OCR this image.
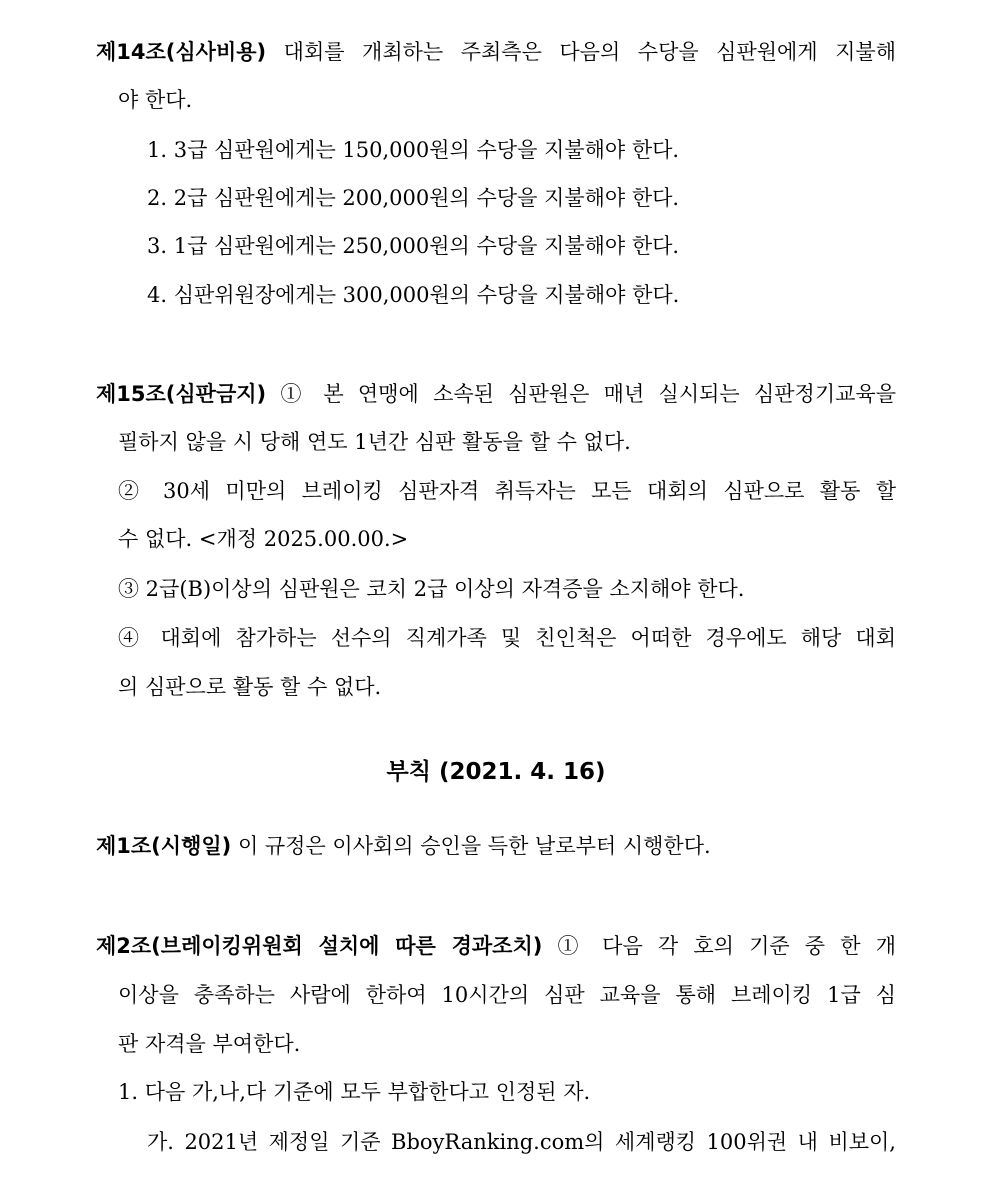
제14조(심사비용) 대회를 개최하는 주최측은 다음의 수당을 심판원에게 지불해
야 한다.
1. 3급 심판원에게는 150,000원의 수당을 지불해야 한다.
2. 2급 심판원에게는 200,000원의 수당을 지불해야 한다.
3. 1급 심판원에게는 250,000원의 수당을 지불해야 한다.
4. 심판위원장에게는 300,000원의 수당을 지불해야 한다.
제15조(심판금지) ① 본 연맹에 소속된 심판원은 매년 실시되는 심판정기교육을
필하지 않을 시 당해 연도 1년간 심판 활동을 할 수 없다.
② 30세 미만의 브레이킹 심판자격 취득자는 모든 대회의 심판으로 활동 할
수 없다. <개정 2025.00.00.>
③ 2급(B)이상의 심판원은 코치 2급 이상의 자격증을 소지해야 한다.
④ 대회에 참가하는 선수의 직계가족 및 친인척은 어떠한 경우에도 해당 대회
의 심판으로 활동 할 수 없다.
부칙 (2021. 4. 16)
제1조(시행일) 이 규정은 이사회의 승인을 득한 날로부터 시행한다.
제2조(브레이킹위원회 설치에 따른 경과조치) ① 다음 각 호의 기준 중 한 개
이상을 충족하는 사람에 한하여 10시간의 심판 교육을 통해 브레이킹 1급 심
판 자격을 부여한다.
1. 다음 가,나,다 기준에 모두 부합한다고 인정된 자.
가. 2021년 제정일 기준 BboyRanking.com의 세계랭킹 100위권 내 비보이,
